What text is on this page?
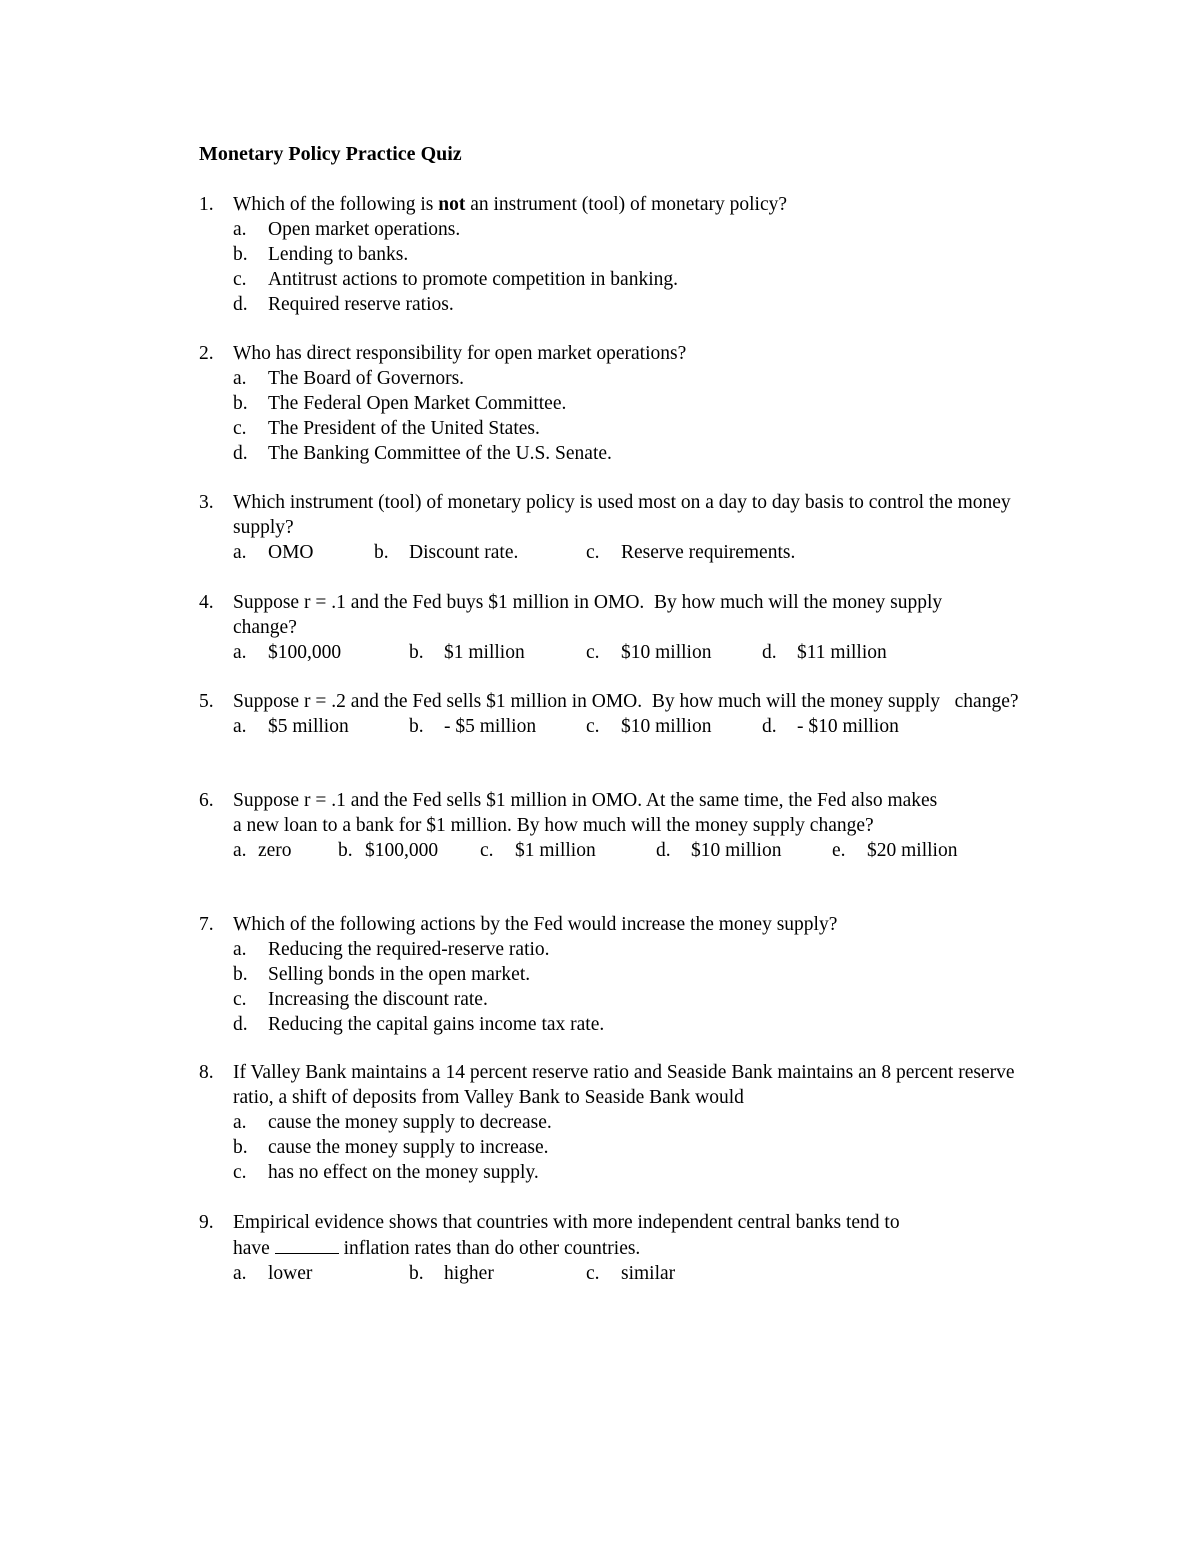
Monetary Policy Practice Quiz
1. Which of the following is not an instrument (tool) of monetary policy?
a.	Open market operations.
b.	Lending to banks.
c.	Antitrust actions to promote competition in banking.
d.	Required reserve ratios.
2. Who has direct responsibility for open market operations?
a.	The Board of Governors.
b.	The Federal Open Market Committee.
c.	The President of the United States.
d.	The Banking Committee of the U.S. Senate.
3. Which instrument (tool) of monetary policy is used most on a day to day basis to control the money supply?
a. OMO	b. Discount rate.	c. Reserve requirements.
4. Suppose r = .1 and the Fed buys $1 million in OMO.  By how much will the money supply   change?
a. $100,000	b. $1 million	c. $10 million	d. $11 million
5. Suppose r = .2 and the Fed sells $1 million in OMO.  By how much will the money supply   change?
a. $5 million	b. - $5 million	c. $10 million	d. - $10 million
6. Suppose r = .1 and the Fed sells $1 million in OMO. At the same time, the Fed also makes a new loan to a bank for $1 million. By how much will the money supply change?
a. zero b. $100,000 c. $1 million	d. $10 million	e. $20 million
7. Which of the following actions by the Fed would increase the money supply?
a.	Reducing the required-reserve ratio.
b.	Selling bonds in the open market.
c.	Increasing the discount rate.
d.	Reducing the capital gains income tax rate.
8. If Valley Bank maintains a 14 percent reserve ratio and Seaside Bank maintains an 8 percent reserve ratio, a shift of deposits from Valley Bank to Seaside Bank would
a.	cause the money supply to decrease.
b.	cause the money supply to increase.
c.	has no effect on the money supply.
9. Empirical evidence shows that countries with more independent central banks tend to
have	inflation rates than do other countries.
a. lower	b. higher	c. similar
